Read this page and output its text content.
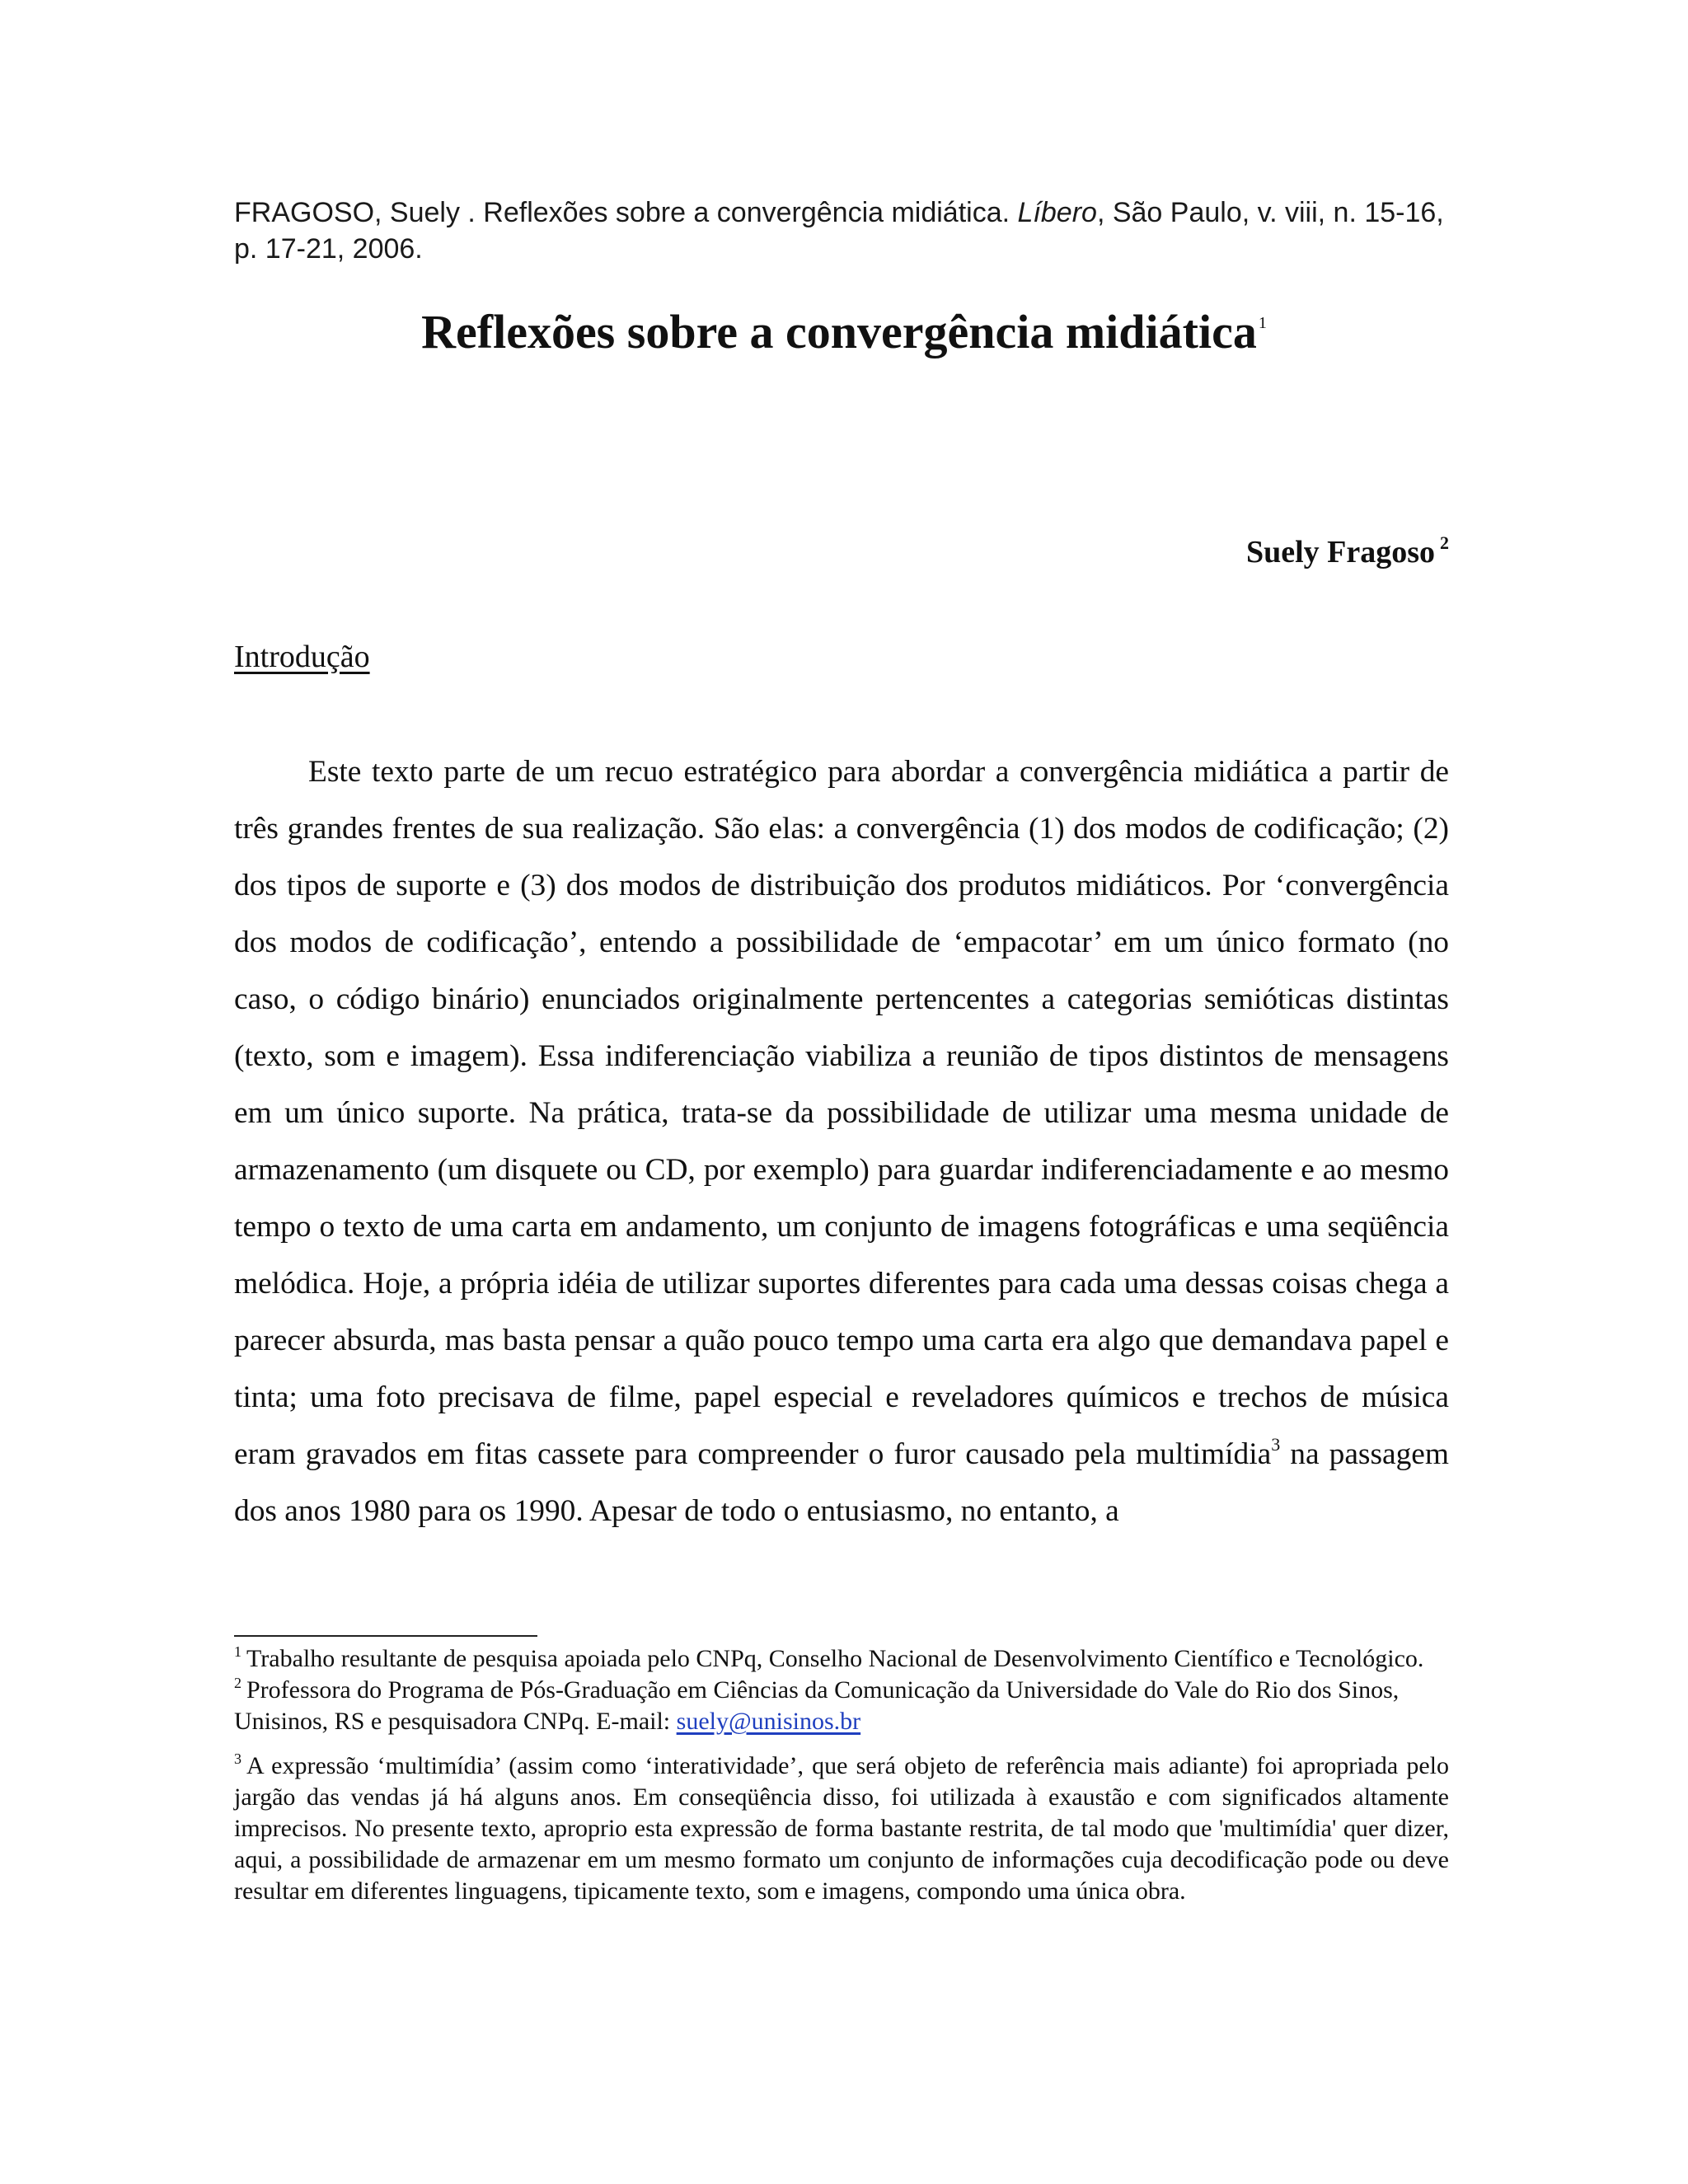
FRAGOSO, Suely . Reflexões sobre a convergência midiática. Líbero, São Paulo, v. viii, n. 15-16,
p. 17-21, 2006.
Reflexões sobre a convergência midiática $^1$
Suely Fragoso $^2$
Introdução

Este texto parte de um recuo estratégico para abordar a convergência midiática a partir de três grandes frentes de sua realização. São elas: a convergência (1) dos modos de codificação; (2) dos tipos de suporte e (3) dos modos de distribuição dos produtos midiáticos. Por ‘convergência dos modos de codificação’, entendo a possibilidade de ‘empacotar’ em um único formato (no caso, o código binário) enunciados originalmente pertencentes a categorias semióticas distintas (texto, som e imagem). Essa indiferenciação viabiliza a reunião de tipos distintos de mensagens em um único suporte. Na prática, trata-se da possibilidade de utilizar uma mesma unidade de armazenamento (um disquete ou CD, por exemplo) para guardar indiferenciadamente e ao mesmo tempo o texto de uma carta em andamento, um conjunto de imagens fotográficas e uma seqüência melódica. Hoje, a própria idéia de utilizar suportes diferentes para cada uma dessas coisas chega a parecer absurda, mas basta pensar a quão pouco tempo uma carta era algo que demandava papel e tinta; uma foto precisava de filme, papel especial e reveladores químicos e trechos de música eram gravados em fitas cassete para compreender o furor causado pela multimídia$^3$ na passagem dos anos 1980 para os 1990. Apesar de todo o entusiasmo, no entanto, a

$^1$ Trabalho resultante de pesquisa apoiada pelo CNPq, Conselho Nacional de Desenvolvimento Científico e Tecnológico.

$^2$ Professora do Programa de Pós-Graduação em Ciências da Comunicação da Universidade do Vale do Rio dos Sinos, Unisinos, RS e pesquisadora CNPq. E-mail: suely@unisinos.br

$^3$ A expressão ‘multimídia’ (assim como ‘interatividade’, que será objeto de referência mais adiante) foi apropriada pelo jargão das vendas já há alguns anos. Em conseqüência disso, foi utilizada à exaustão e com significados altamente imprecisos. No presente texto, aproprio esta expressão de forma bastante restrita, de tal modo que 'multimídia' quer dizer, aqui, a possibilidade de armazenar em um mesmo formato um conjunto de informações cuja decodificação pode ou deve resultar em diferentes linguagens, tipicamente texto, som e imagens, compondo uma única obra.
